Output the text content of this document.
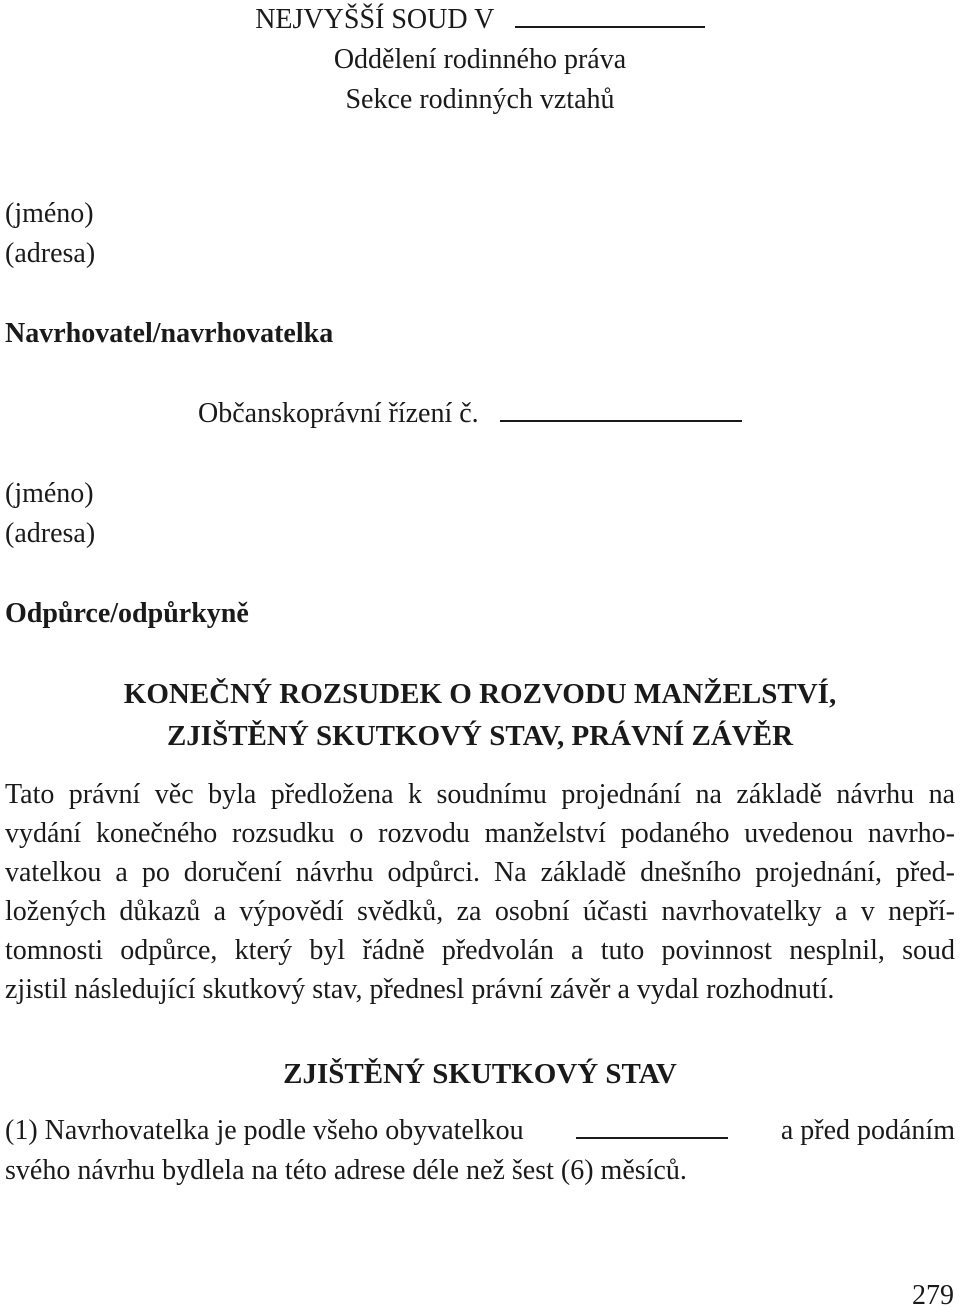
NEJVYŠŠÍ SOUD V
Oddělení rodinného práva
Sekce rodinných vztahů
(jméno)
(adresa)
Navrhovatel/navrhovatelka
Občanskoprávní řízení č.
(jméno)
(adresa)
Odpůrce/odpůrkyně
KONEČNÝ ROZSUDEK O ROZVODU MANŽELSTVÍ,
ZJIŠTĚNÝ SKUTKOVÝ STAV, PRÁVNÍ ZÁVĚR
Tato právní věc byla předložena k soudnímu projednání na základě návrhu na
vydání konečného rozsudku o rozvodu manželství podaného uvedenou navrho-
vatelkou a po doručení návrhu odpůrci. Na základě dnešního projednání, před-
ložených důkazů a výpovědí svědků, za osobní účasti navrhovatelky a v nepří-
tomnosti odpůrce, který byl řádně předvolán a tuto povinnost nesplnil, soud
zjistil následující skutkový stav, přednesl právní závěr a vydal rozhodnutí.
ZJIŠTĚNÝ SKUTKOVÝ STAV
(1) Navrhovatelka je podle všeho obyvatelkou	a před podáním
svého návrhu bydlela na této adrese déle než šest (6) měsíců.
279
